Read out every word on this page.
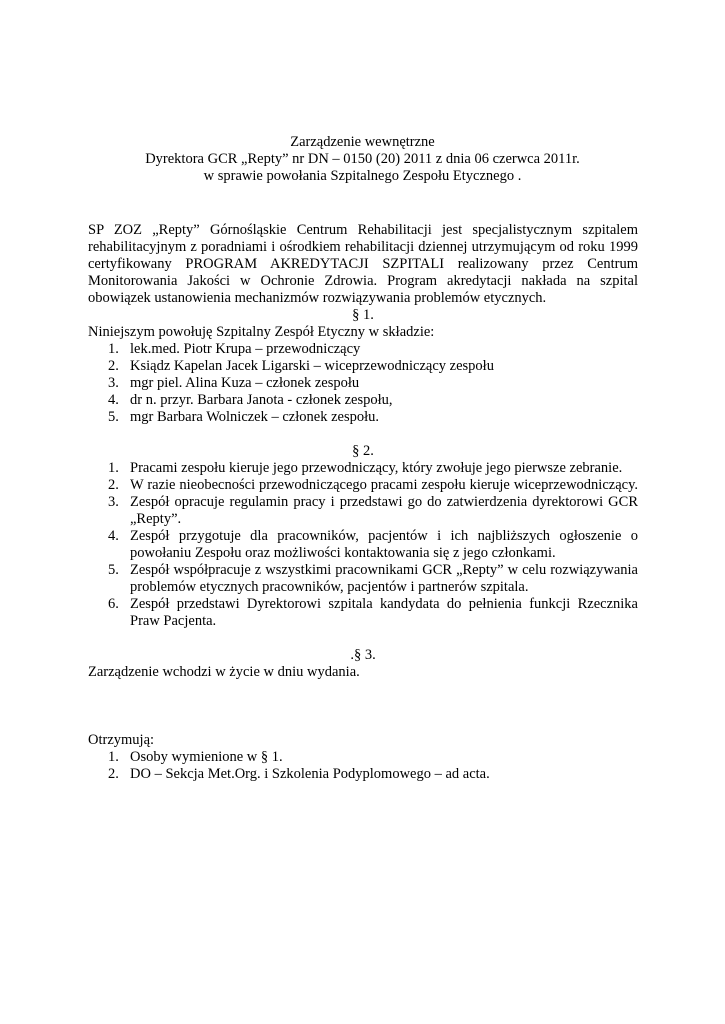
Zarządzenie wewnętrzne
Dyrektora GCR „Repty” nr DN – 0150 (20) 2011 z dnia 06 czerwca 2011r.
w sprawie powołania Szpitalnego Zespołu Etycznego .

SP ZOZ „Repty” Górnośląskie Centrum Rehabilitacji jest specjalistycznym szpitalem rehabilitacyjnym z poradniami i ośrodkiem rehabilitacji dziennej utrzymującym od roku 1999 certyfikowany PROGRAM AKREDYTACJI SZPITALI realizowany przez Centrum Monitorowania Jakości w Ochronie Zdrowia. Program akredytacji nakłada na szpital obowiązek ustanowienia mechanizmów rozwiązywania problemów etycznych.

§ 1.
Niniejszym powołuję Szpitalny Zespół Etyczny w składzie:
1. lek.med. Piotr Krupa – przewodniczący
2. Ksiądz Kapelan Jacek Ligarski – wiceprzewodniczący zespołu
3. mgr piel. Alina Kuza – członek zespołu
4. dr n. przyr. Barbara Janota - członek zespołu,
5. mgr Barbara Wolniczek – członek zespołu.
§ 2.
1. Pracami zespołu kieruje jego przewodniczący, który zwołuje jego pierwsze zebranie.
2. W razie nieobecności przewodniczącego pracami zespołu kieruje wiceprzewodniczący.
3. Zespół opracuje regulamin pracy i przedstawi go do zatwierdzenia dyrektorowi GCR „Repty”.
4. Zespół przygotuje dla pracowników, pacjentów i ich najbliższych ogłoszenie o powołaniu Zespołu oraz możliwości kontaktowania się z jego członkami.
5. Zespół współpracuje z wszystkimi pracownikami GCR „Repty” w celu rozwiązywania problemów etycznych pracowników, pacjentów i partnerów szpitala.
6. Zespół przedstawi Dyrektorowi szpitala kandydata do pełnienia funkcji Rzecznika Praw Pacjenta.
.§ 3.
Zarządzenie wchodzi w życie w dniu wydania.
Otrzymują:
1. Osoby wymienione w § 1.
2. DO – Sekcja Met.Org. i Szkolenia Podyplomowego – ad acta.
